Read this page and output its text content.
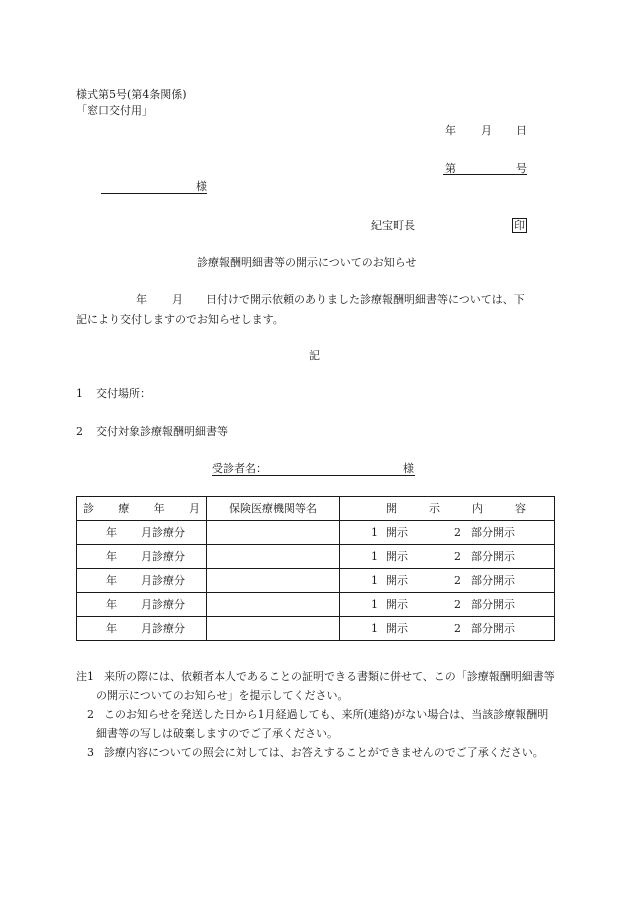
様式第5号(第4条関係)
「窓口交付用」
年 月 日
第	号
様
紀宝町長	印
診療報酬明細書等の開示についてのお知らせ
年 月 日付けで開示依頼のありました診療報酬明細書等については、下
記により交付しますのでお知らせします。
記
1 交付場所：
2 交付対象診療報酬明細書等
受診者名：	様
診 療 年 月	保険医療機関等名	開 示 内 容

年 月診療分		1 開示 2 部分開示
年 月診療分		1 開示 2 部分開示
年 月診療分		1 開示 2 部分開示
年 月診療分		1 開示 2 部分開示
年 月診療分		1 開示 2 部分開示
注1 来所の際には、依頼者本人であることの証明できる書類に併せて、この「診療報酬明細書等の開示についてのお知らせ」を提示してください。
2 このお知らせを発送した日から1月経過しても、来所(連絡)がない場合は、当該診療報酬明細書等の写しは破棄しますのでご了承ください。
3 診療内容についての照会に対しては、お答えすることができませんのでご了承ください。
